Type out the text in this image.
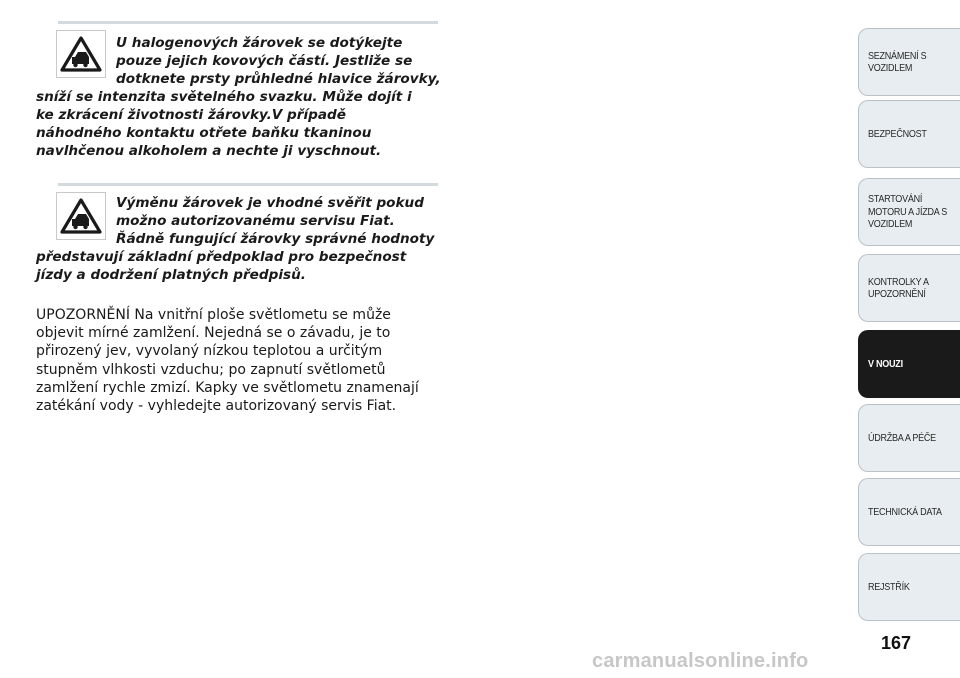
U halogenových žárovek se dotýkejte
pouze jejich kovových částí. Jestliže se
dotknete prsty průhledné hlavice žárovky,
sníží se intenzita světelného svazku. Může dojít i
ke zkrácení životnosti žárovky.V případě
náhodného kontaktu otřete baňku tkaninou
navlhčenou alkoholem a nechte ji vyschnout.
Výměnu žárovek je vhodné svěřit pokud
možno autorizovanému servisu Fiat.
Řádně fungující žárovky správné hodnoty
představují základní předpoklad pro bezpečnost
jízdy a dodržení platných předpisů.
UPOZORNĚNÍ Na vnitřní ploše světlometu se může
objevit mírné zamlžení. Nejedná se o závadu, je to
přirozený jev, vyvolaný nízkou teplotou a určitým
stupněm vlhkosti vzduchu; po zapnutí světlometů
zamlžení rychle zmizí. Kapky ve světlometu znamenají
zatékání vody - vyhledejte autorizovaný servis Fiat.
SEZNÁMENÍ S
VOZIDLEM
BEZPEČNOST
STARTOVÁNÍ
MOTORU A JÍZDA S
VOZIDLEM
KONTROLKY A
UPOZORNĚNÍ
V NOUZI
ÚDRŽBA A PÉČE
TECHNICKÁ DATA
REJSTŘÍK
167
carmanualsonline.info
